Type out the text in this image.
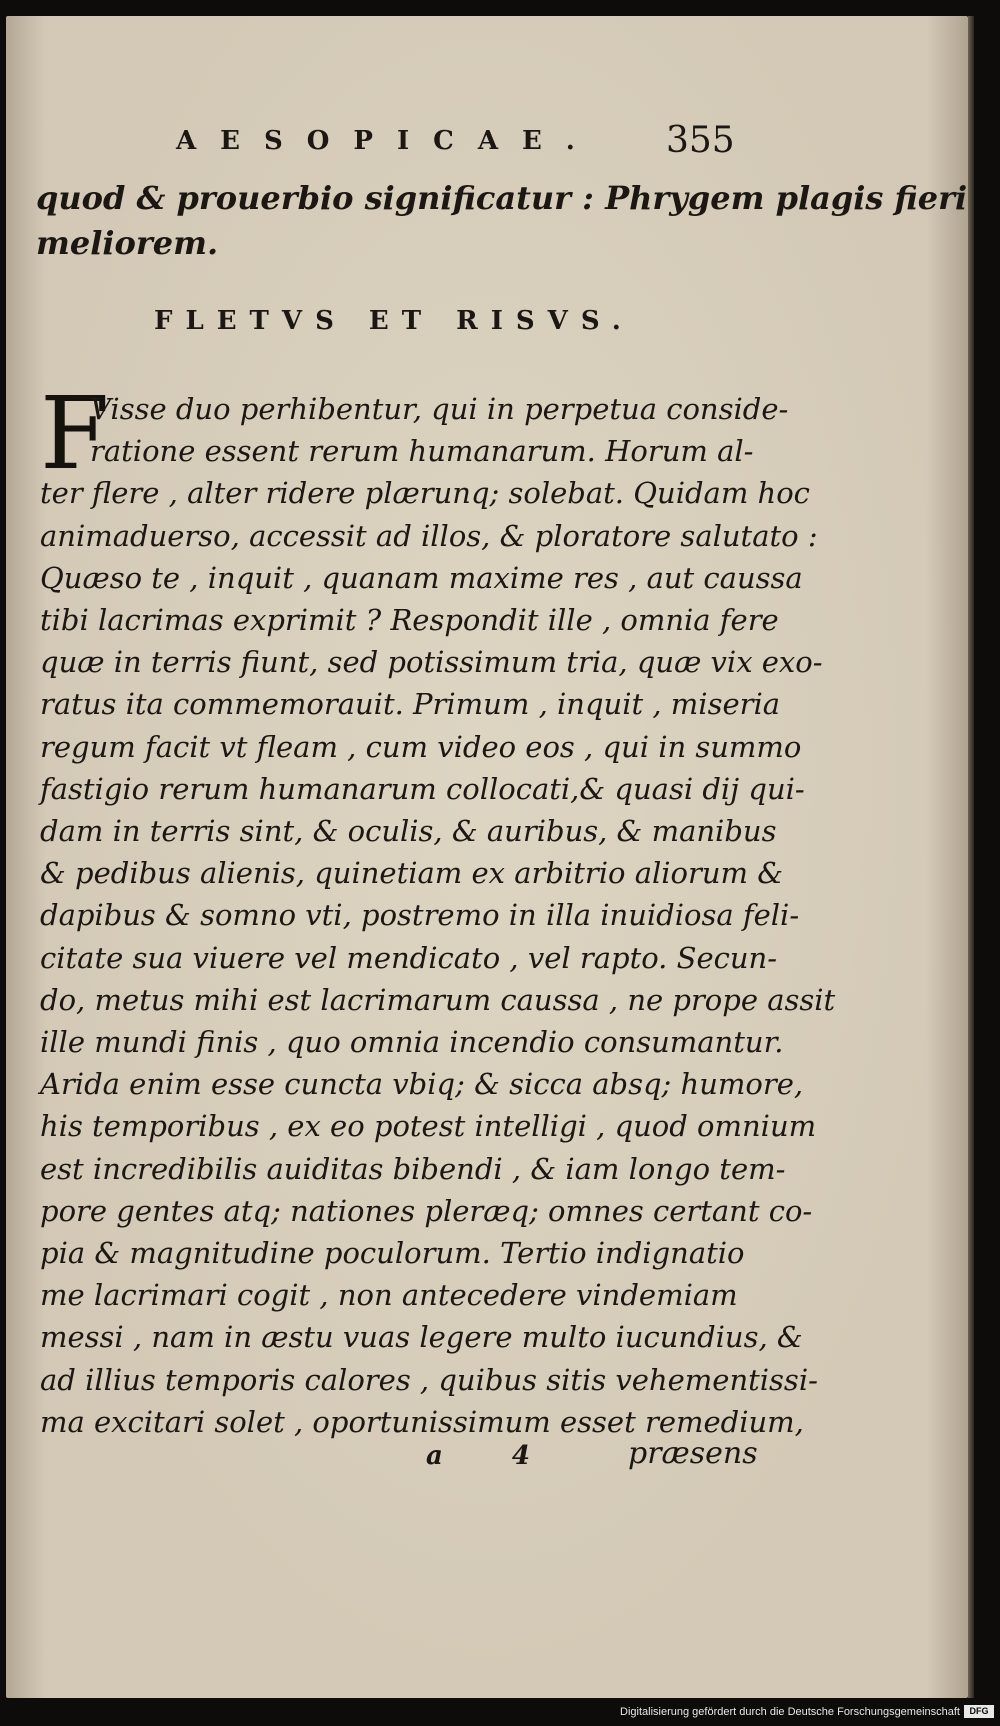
AESOPICAE. 355
quod & prouerbio significatur : Phrygem plagis fieri
meliorem.
FLETVS ET RISVS.
F
Visse duo perhibentur, qui in perpetua conside-
ratione essent rerum humanarum. Horum al-
ter flere , alter ridere plærunq; solebat. Quidam hoc
animaduerso, accessit ad illos, & ploratore salutato :
Quæso te , inquit , quanam maxime res , aut caussa
tibi lacrimas exprimit ? Respondit ille , omnia fere
quæ in terris fiunt, sed potissimum tria, quæ vix exo-
ratus ita commemorauit. Primum , inquit , miseria
regum facit vt fleam , cum video eos , qui in summo
fastigio rerum humanarum collocati,& quasi dij qui-
dam in terris sint, & oculis, & auribus, & manibus
& pedibus alienis, quinetiam ex arbitrio aliorum &
dapibus & somno vti, postremo in illa inuidiosa feli-
citate sua viuere vel mendicato , vel rapto. Secun-
do, metus mihi est lacrimarum caussa , ne prope assit
ille mundi finis , quo omnia incendio consumantur.
Arida enim esse cuncta vbiq; & sicca absq; humore,
his temporibus , ex eo potest intelligi , quod omnium
est incredibilis auiditas bibendi , & iam longo tem-
pore gentes atq; nationes pleræq; omnes certant co-
pia & magnitudine poculorum. Tertio indignatio
me lacrimari cogit , non antecedere vindemiam
messi , nam in æstu vuas legere multo iucundius, &
ad illius temporis calores , quibus sitis vehementissi-
ma excitari solet , oportunissimum esset remedium,
a 4 præsens
Digitalisierung gefördert durch die Deutsche Forschungsgemeinschaft	DFG
